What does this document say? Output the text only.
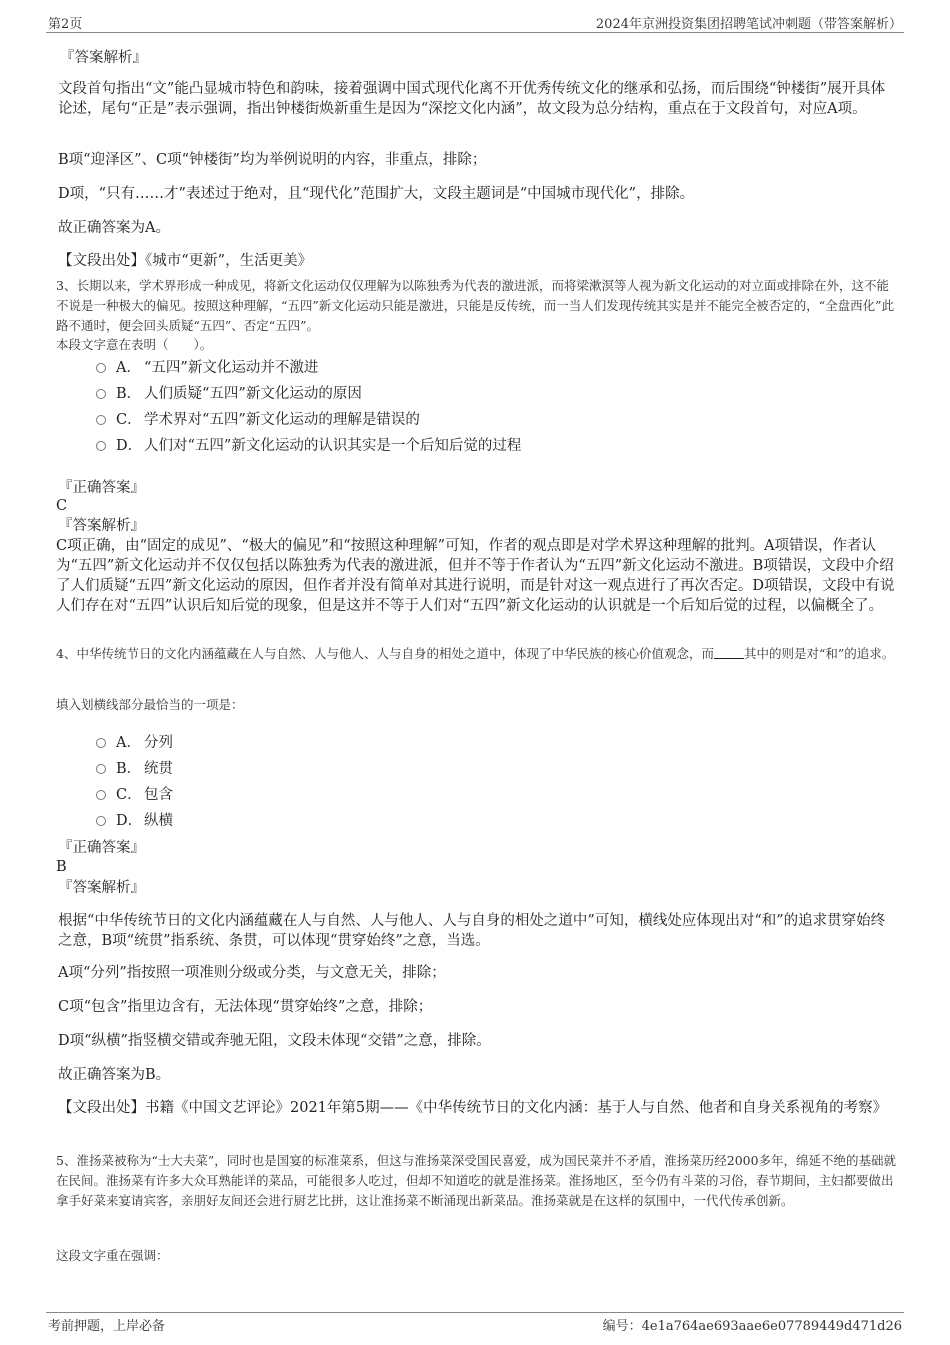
第2页	2024年京洲投资集团招聘笔试冲刺题（带答案解析）

『答案解析』

文段首句指出“文”能凸显城市特色和韵味，接着强调中国式现代化离不开优秀传统文化的继承和弘扬，而后围绕“钟楼街”展开具体论述，尾句“正是”表示强调，指出钟楼街焕新重生是因为“深挖文化内涵”，故文段为总分结构，重点在于文段首句，对应A项。

B项“迎泽区”、C项“钟楼街”均为举例说明的内容，非重点，排除；

D项，“只有……才”表述过于绝对，且“现代化”范围扩大，文段主题词是“中国城市现代化”，排除。

故正确答案为A。

【文段出处】《城市“更新”，生活更美》

3、长期以来，学术界形成一种成见，将新文化运动仅仅理解为以陈独秀为代表的激进派，而将梁漱溟等人视为新文化运动的对立面或排除在外，这不能不说是一种极大的偏见。按照这种理解，“五四”新文化运动只能是激进，只能是反传统，而一当人们发现传统其实是并不能完全被否定的，“全盘西化”此路不通时，便会回头质疑“五四”、否定“五四”。

本段文字意在表明（　　）。

A． “五四”新文化运动并不激进
B． 人们质疑“五四”新文化运动的原因
C． 学术界对“五四”新文化运动的理解是错误的
D． 人们对“五四”新文化运动的认识其实是一个后知后觉的过程

『正确答案』

C

『答案解析』

C项正确，由“固定的成见”、“极大的偏见”和“按照这种理解”可知，作者的观点即是对学术界这种理解的批判。A项错误，作者认为“五四”新文化运动并不仅仅包括以陈独秀为代表的激进派，但并不等于作者认为“五四”新文化运动不激进。B项错误，文段中介绍了人们质疑“五四”新文化运动的原因，但作者并没有简单对其进行说明，而是针对这一观点进行了再次否定。D项错误，文段中有说人们存在对“五四”认识后知后觉的现象，但是这并不等于人们对“五四”新文化运动的认识就是一个后知后觉的过程，以偏概全了。

4、中华传统节日的文化内涵蕴藏在人与自然、人与他人、人与自身的相处之道中，体现了中华民族的核心价值观念，而 其中的则是对“和”的追求。

填入划横线部分最恰当的一项是：

A． 分列
B． 统贯
C． 包含
D． 纵横

『正确答案』

B

『答案解析』

根据“中华传统节日的文化内涵蕴藏在人与自然、人与他人、人与自身的相处之道中”可知，横线处应体现出对“和”的追求贯穿始终之意，B项“统贯”指系统、条贯，可以体现“贯穿始终”之意，当选。

A项“分列”指按照一项准则分级或分类，与文意无关，排除；

C项“包含”指里边含有，无法体现“贯穿始终”之意，排除；

D项“纵横”指竖横交错或奔驰无阻，文段未体现“交错”之意，排除。

故正确答案为B。

【文段出处】书籍《中国文艺评论》2021年第5期——《中华传统节日的文化内涵：基于人与自然、他者和自身关系视角的考察》

5、淮扬菜被称为“士大夫菜”，同时也是国宴的标准菜系，但这与淮扬菜深受国民喜爱，成为国民菜并不矛盾，淮扬菜历经2000多年，绵延不绝的基础就在民间。淮扬菜有许多大众耳熟能详的菜品，可能很多人吃过，但却不知道吃的就是淮扬菜。淮扬地区，至今仍有斗菜的习俗，春节期间，主妇都要做出拿手好菜来宴请宾客，亲朋好友间还会进行厨艺比拼，这让淮扬菜不断涌现出新菜品。淮扬菜就是在这样的氛围中，一代代传承创新。

这段文字重在强调：

考前押题，上岸必备	编号：4e1a764ae693aae6e07789449d471d26
